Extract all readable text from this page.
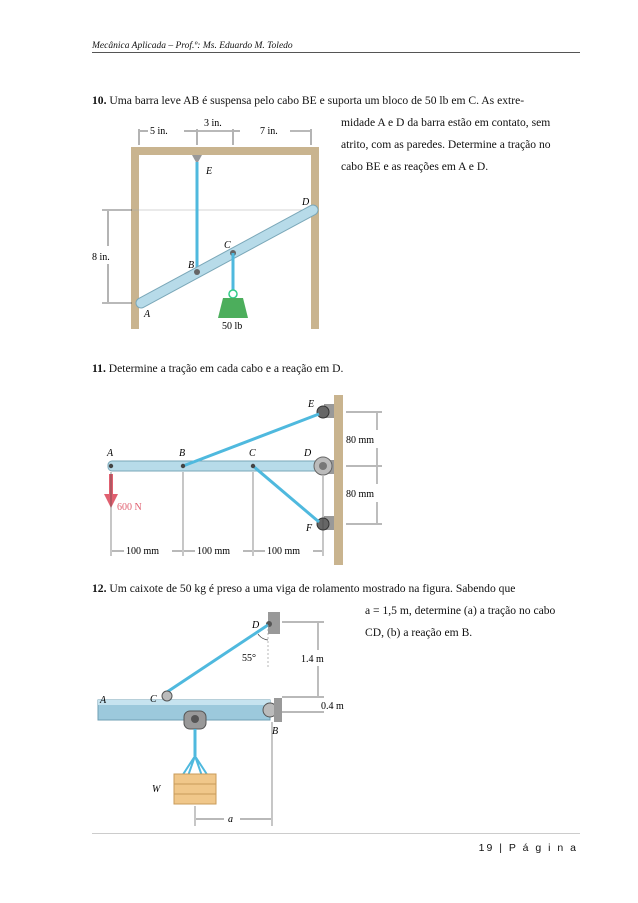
Mecânica Aplicada – Prof.º: Ms. Eduardo M. Toledo
10. Uma barra leve AB é suspensa pelo cabo BE e suporta um bloco de 50 lb em C. As extre-
midade A e D da barra estão em contato, sem
atrito, com as paredes. Determine a tração no
cabo BE e as reações em A e D.
5 in.
3 in.
7 in.
8 in.
E
D
C
B
A
50 lb
11. Determine a tração em cada cabo e a reação em D.
600 N
A	B	C	D
E
F
80 mm
80 mm
100 mm	100 mm	100 mm
12. Um caixote de 50 kg é preso a uma viga de rolamento mostrado na figura. Sabendo que
a = 1,5 m, determine (a) a tração no cabo
CD, (b) a reação em B.
55°
D
C
A
B
W
1.4 m
0.4 m
a
19 | P á g i n a
